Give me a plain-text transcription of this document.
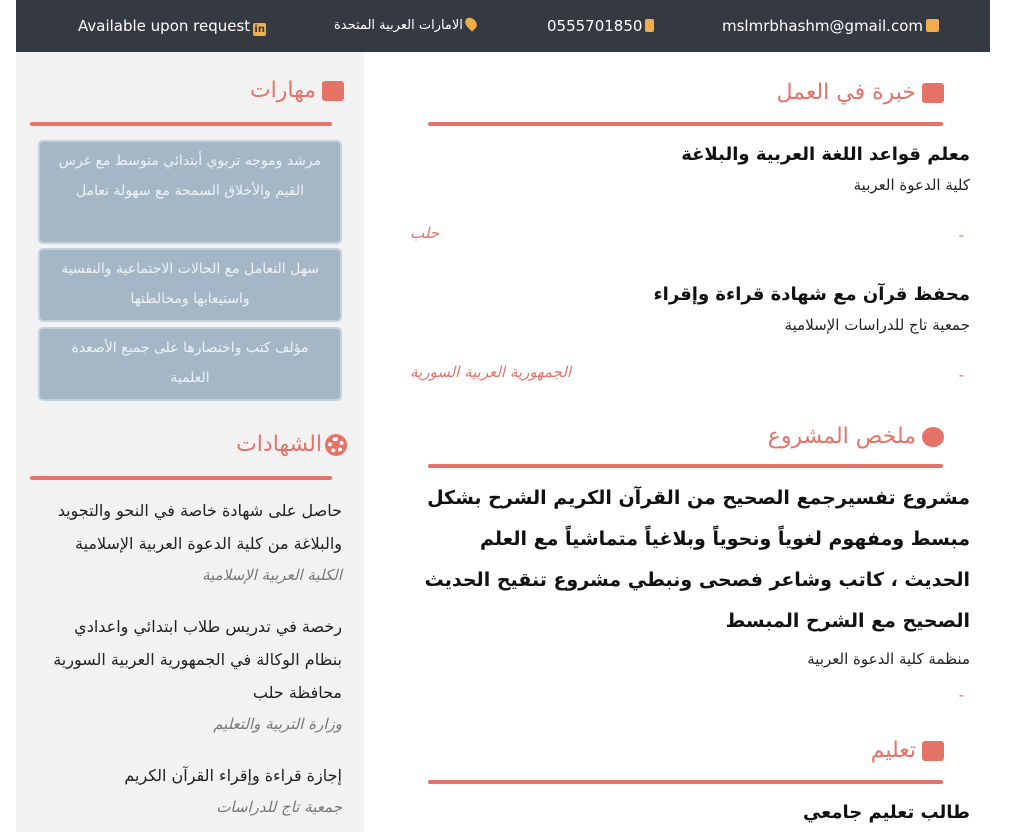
Available upon request in	الامارات العربية المتحدة	0555701850	mslmrbhashm@gmail.com
مهارات
مرشد وموجه تربوي أبتدائي متوسط مع غرس القيم والأخلاق السمحة مع سهولة تعامل
سهل التعامل مع الحالات الاجتماعية والنفسية واستيعابها ومخالطتها
مؤلف كتب واختصارها على جميع الأصعدة العلمية
الشهادات
حاصل على شهادة خاصة في النحو والتجويد والبلاغة من كلية الدعوة العربية الإسلامية
الكلية العربية الإسلامية
رخصة في تدريس طلاب ابتدائي واعدادي بنظام الوكالة في الجمهورية العربية السورية محافظة حلب
وزارة التربية والتعليم
إجازة قراءة وإقراء القرآن الكريم
جمعية تاج للدراسات
خبرة في العمل
معلم قواعد اللغة العربية والبلاغة
كلية الدعوة العربية
-
حلب
محفظ قرآن مع شهادة قراءة وإقراء
جمعية تاج للدراسات الإسلامية
-
الجمهورية العربية السورية
ملخص المشروع
مشروع تفسيرجمع الصحيح من القرآن الكريم الشرح بشكل مبسط ومفهوم لغوياً ونحوياً وبلاغياً متماشياً مع العلم الحديث ، كاتب وشاعر فصحى ونبطي مشروع تنقيح الحديث الصحيح مع الشرح المبسط
منظمة كلية الدعوة العربية
-
تعليم
طالب تعليم جامعي
